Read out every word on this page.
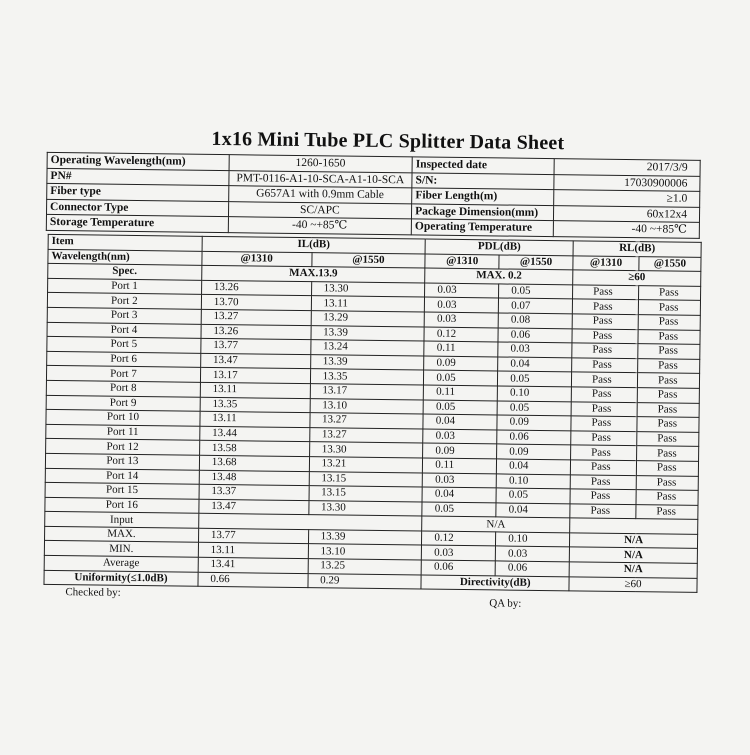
1x16 Mini Tube PLC Splitter Data Sheet
Operating Wavelength(nm)	1260-1650	Inspected date	2017/3/9
PN#	PMT-0116-A1-10-SCA-A1-10-SCA	S/N:	17030900006
Fiber type	G657A1 with 0.9mm Cable	Fiber Length(m)	≥1.0
Connector Type	SC/APC	Package Dimension(mm)	60x12x4
Storage Temperature	-40 ~+85℃	Operating Temperature	-40 ~+85℃
Item	IL(dB)		PDL(dB)		RL(dB)	
Wavelength(nm)	@1310	@1550	@1310	@1550	@1310	@1550
Spec.	MAX.13.9		MAX. 0.2		≥60	
Port 1	13.26	13.30	0.03	0.05	Pass	Pass
Port 2	13.70	13.11	0.03	0.07	Pass	Pass
Port 3	13.27	13.29	0.03	0.08	Pass	Pass
Port 4	13.26	13.39	0.12	0.06	Pass	Pass
Port 5	13.77	13.24	0.11	0.03	Pass	Pass
Port 6	13.47	13.39	0.09	0.04	Pass	Pass
Port 7	13.17	13.35	0.05	0.05	Pass	Pass
Port 8	13.11	13.17	0.11	0.10	Pass	Pass
Port 9	13.35	13.10	0.05	0.05	Pass	Pass
Port 10	13.11	13.27	0.04	0.09	Pass	Pass
Port 11	13.44	13.27	0.03	0.06	Pass	Pass
Port 12	13.58	13.30	0.09	0.09	Pass	Pass
Port 13	13.68	13.21	0.11	0.04	Pass	Pass
Port 14	13.48	13.15	0.03	0.10	Pass	Pass
Port 15	13.37	13.15	0.04	0.05	Pass	Pass
Port 16	13.47	13.30	0.05	0.04	Pass	Pass
Input			N/A			
MAX.	13.77	13.39	0.12	0.10	N/A	
MIN.	13.11	13.10	0.03	0.03	N/A	
Average	13.41	13.25	0.06	0.06	N/A	
Uniformity(≤1.0dB)	0.66	0.29	Directivity(dB)		≥60	
Checked by:
QA by:
